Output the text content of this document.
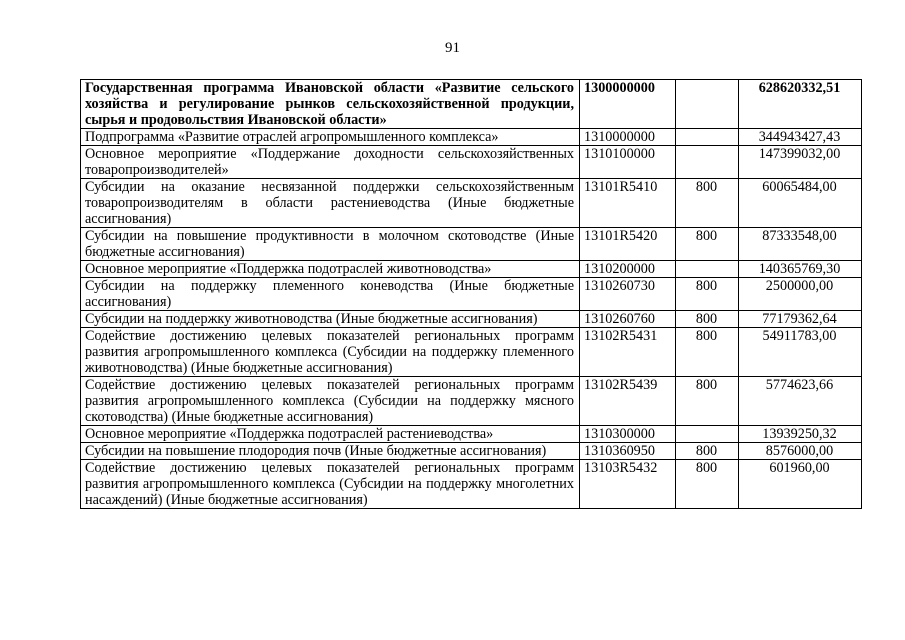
91
Государственная программа Ивановской области «Развитие сельского хозяйства и регулирование рынков сельскохозяйственной продукции, сырья и продовольствия Ивановской области»	1300000000		628620332,51
Подпрограмма «Развитие отраслей агропромышленного комплекса»	1310000000		344943427,43
Основное мероприятие «Поддержание доходности сельскохозяйственных товаропроизводителей»	1310100000		147399032,00
Субсидии на оказание несвязанной поддержки сельскохозяйственным товаропроизводителям в области растениеводства (Иные бюджетные ассигнования)	13101R5410	800	60065484,00
Субсидии на повышение продуктивности в молочном скотоводстве (Иные бюджетные ассигнования)	13101R5420	800	87333548,00
Основное мероприятие «Поддержка подотраслей животноводства»	1310200000		140365769,30
Субсидии на поддержку племенного коневодства (Иные бюджетные ассигнования)	1310260730	800	2500000,00
Субсидии на поддержку животноводства (Иные бюджетные ассигнования)	1310260760	800	77179362,64
Содействие достижению целевых показателей региональных программ развития агропромышленного комплекса (Субсидии на поддержку племенного животноводства) (Иные бюджетные ассигнования)	13102R5431	800	54911783,00
Содействие достижению целевых показателей региональных программ развития агропромышленного комплекса (Субсидии на поддержку мясного скотоводства) (Иные бюджетные ассигнования)	13102R5439	800	5774623,66
Основное мероприятие «Поддержка подотраслей растениеводства»	1310300000		13939250,32
Субсидии на повышение плодородия почв (Иные бюджетные ассигнования)	1310360950	800	8576000,00
Содействие достижению целевых показателей региональных программ развития агропромышленного комплекса (Субсидии на поддержку многолетних насаждений) (Иные бюджетные ассигнования)	13103R5432	800	601960,00
